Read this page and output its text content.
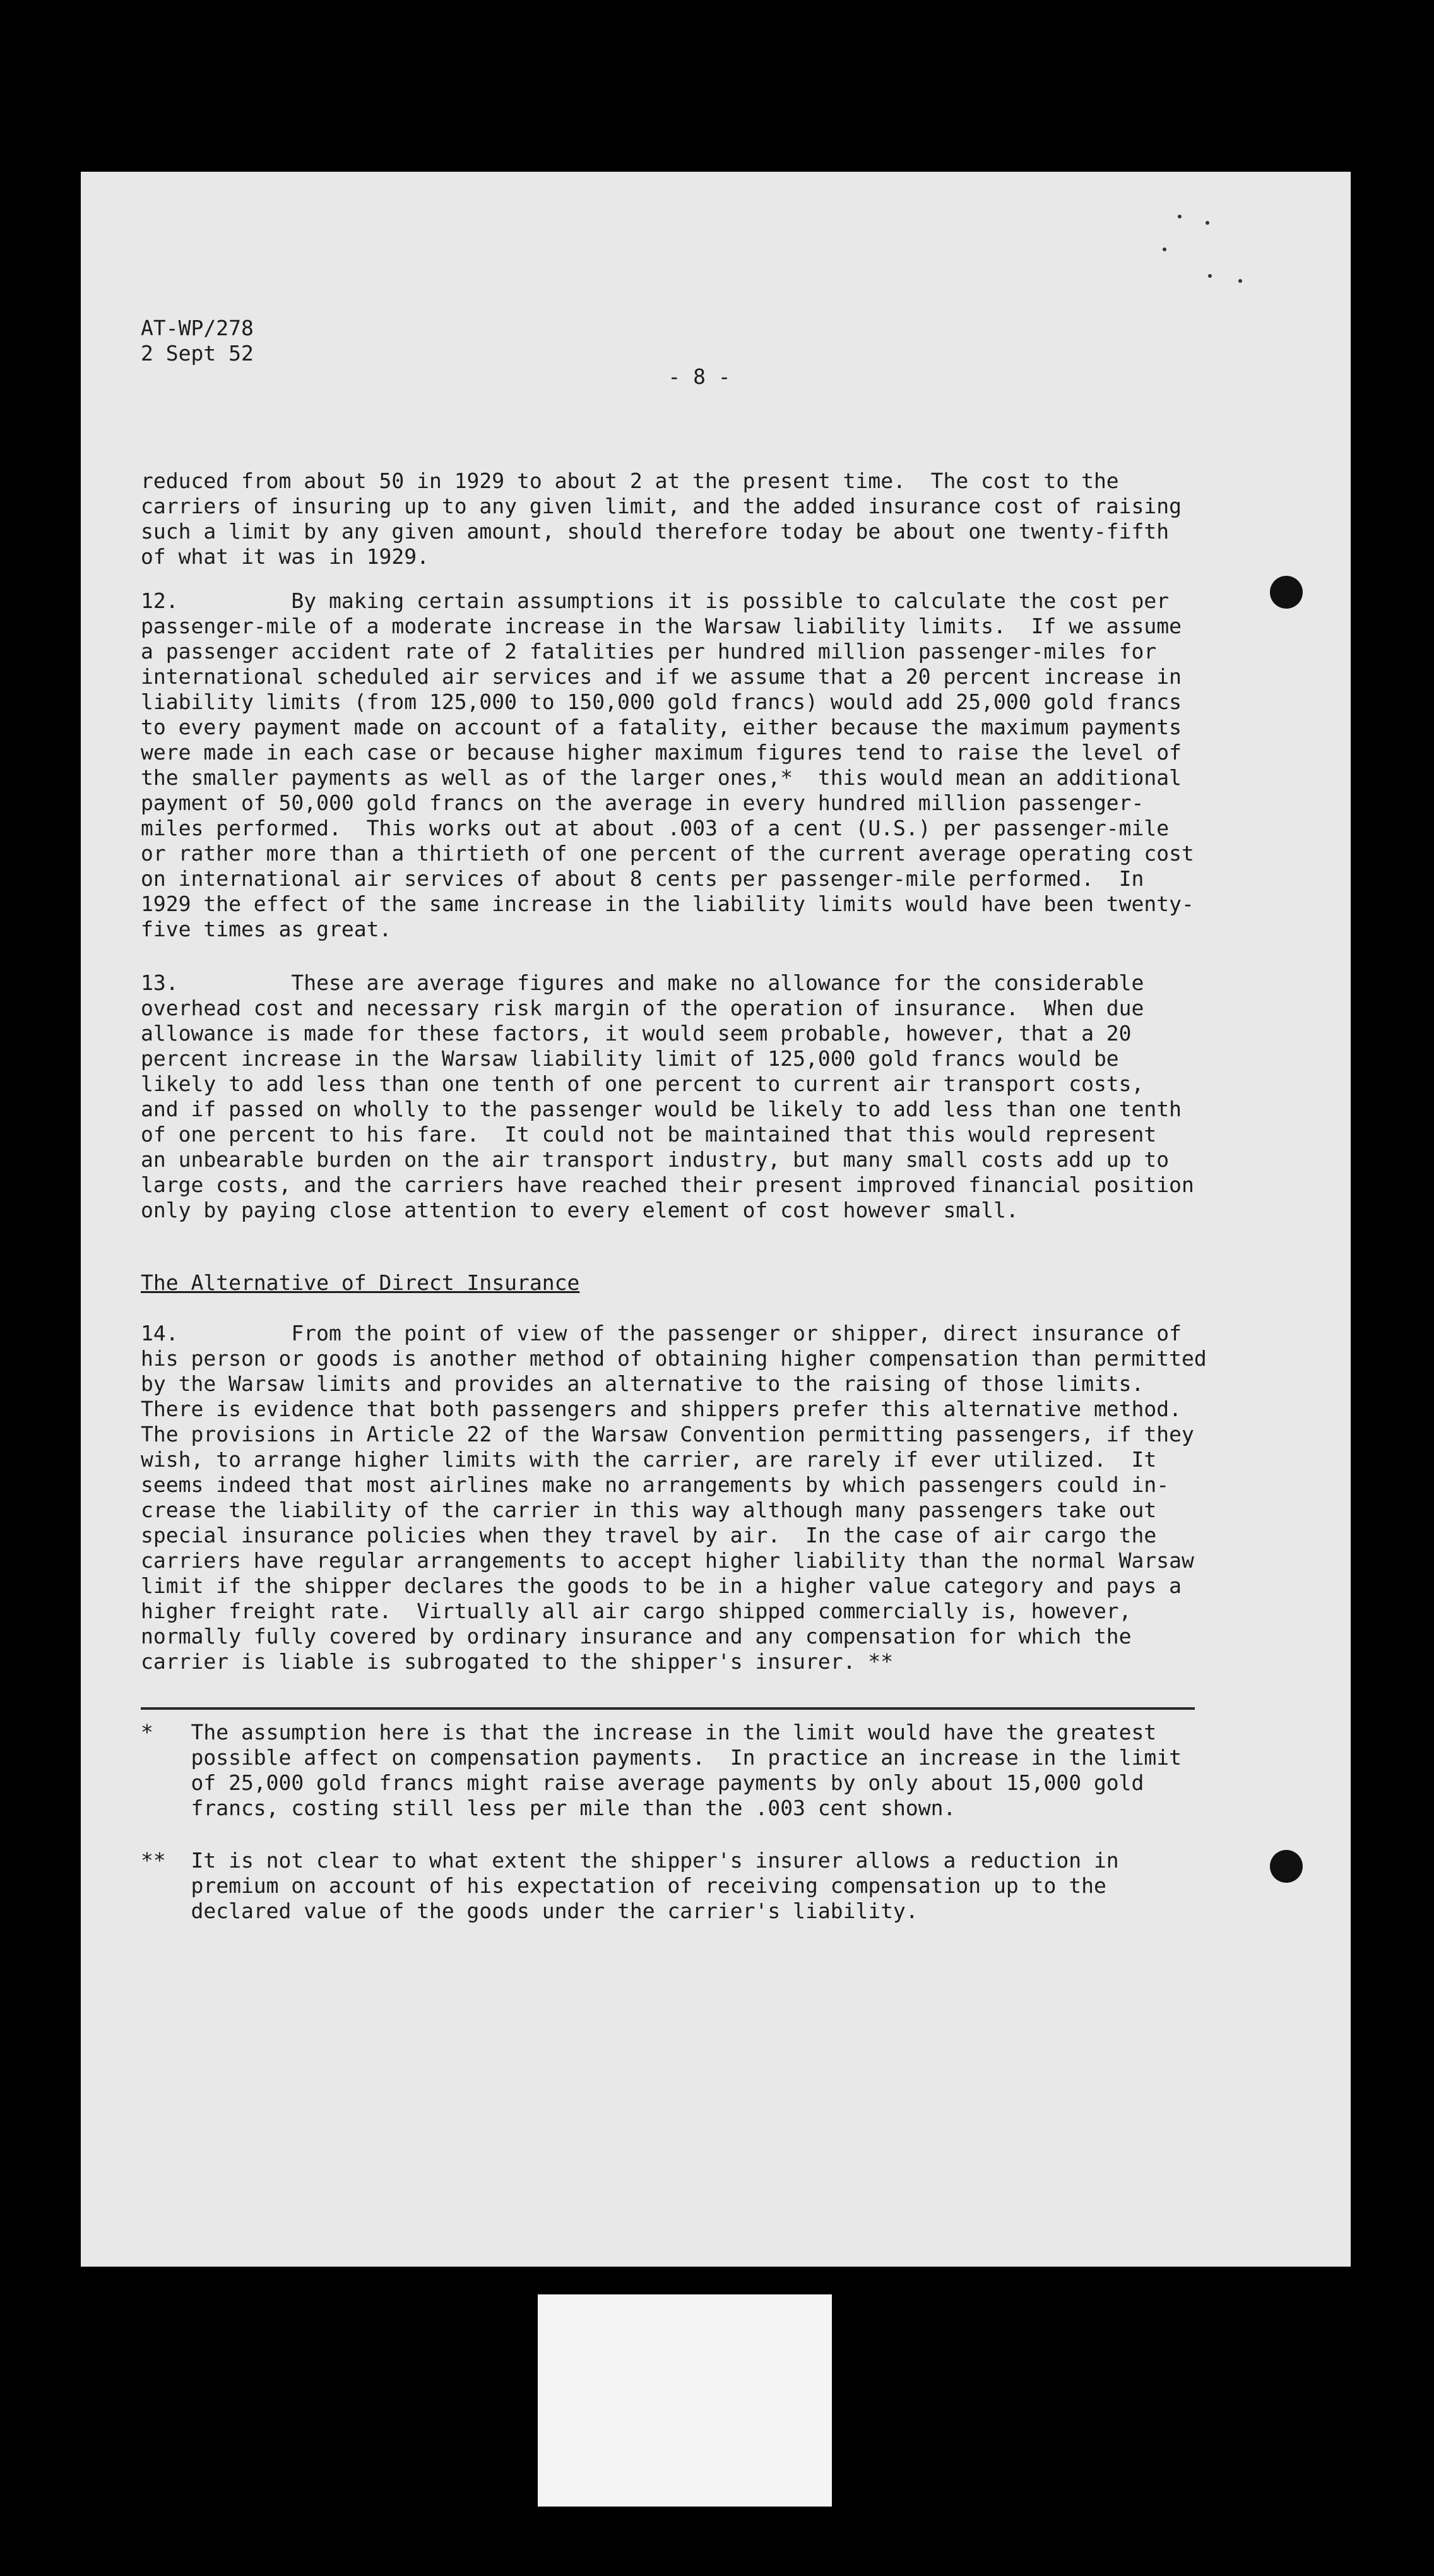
AT-WP/278
2 Sept 52
- 8 -

reduced from about 50 in 1929 to about 2 at the present time.  The cost to the
carriers of insuring up to any given limit, and the added insurance cost of raising
such a limit by any given amount, should therefore today be about one twenty-fifth
of what it was in 1929.

12.         By making certain assumptions it is possible to calculate the cost per
passenger-mile of a moderate increase in the Warsaw liability limits.  If we assume
a passenger accident rate of 2 fatalities per hundred million passenger-miles for
international scheduled air services and if we assume that a 20 percent increase in
liability limits (from 125,000 to 150,000 gold francs) would add 25,000 gold francs
to every payment made on account of a fatality, either because the maximum payments
were made in each case or because higher maximum figures tend to raise the level of
the smaller payments as well as of the larger ones,*  this would mean an additional
payment of 50,000 gold francs on the average in every hundred million passenger-
miles performed.  This works out at about .003 of a cent (U.S.) per passenger-mile
or rather more than a thirtieth of one percent of the current average operating cost
on international air services of about 8 cents per passenger-mile performed.  In
1929 the effect of the same increase in the liability limits would have been twenty-
five times as great.

13.         These are average figures and make no allowance for the considerable
overhead cost and necessary risk margin of the operation of insurance.  When due
allowance is made for these factors, it would seem probable, however, that a 20
percent increase in the Warsaw liability limit of 125,000 gold francs would be
likely to add less than one tenth of one percent to current air transport costs,
and if passed on wholly to the passenger would be likely to add less than one tenth
of one percent to his fare.  It could not be maintained that this would represent
an unbearable burden on the air transport industry, but many small costs add up to
large costs, and the carriers have reached their present improved financial position
only by paying close attention to every element of cost however small.

The Alternative of Direct Insurance

14.         From the point of view of the passenger or shipper, direct insurance of
his person or goods is another method of obtaining higher compensation than permitted
by the Warsaw limits and provides an alternative to the raising of those limits.
There is evidence that both passengers and shippers prefer this alternative method.
The provisions in Article 22 of the Warsaw Convention permitting passengers, if they
wish, to arrange higher limits with the carrier, are rarely if ever utilized.  It
seems indeed that most airlines make no arrangements by which passengers could in-
crease the liability of the carrier in this way although many passengers take out
special insurance policies when they travel by air.  In the case of air cargo the
carriers have regular arrangements to accept higher liability than the normal Warsaw
limit if the shipper declares the goods to be in a higher value category and pays a
higher freight rate.  Virtually all air cargo shipped commercially is, however,
normally fully covered by ordinary insurance and any compensation for which the
carrier is liable is subrogated to the shipper's insurer. **

*   The assumption here is that the increase in the limit would have the greatest
possible affect on compensation payments.  In practice an increase in the limit
of 25,000 gold francs might raise average payments by only about 15,000 gold
francs, costing still less per mile than the .003 cent shown.

**  It is not clear to what extent the shipper's insurer allows a reduction in
premium on account of his expectation of receiving compensation up to the
declared value of the goods under the carrier's liability.
